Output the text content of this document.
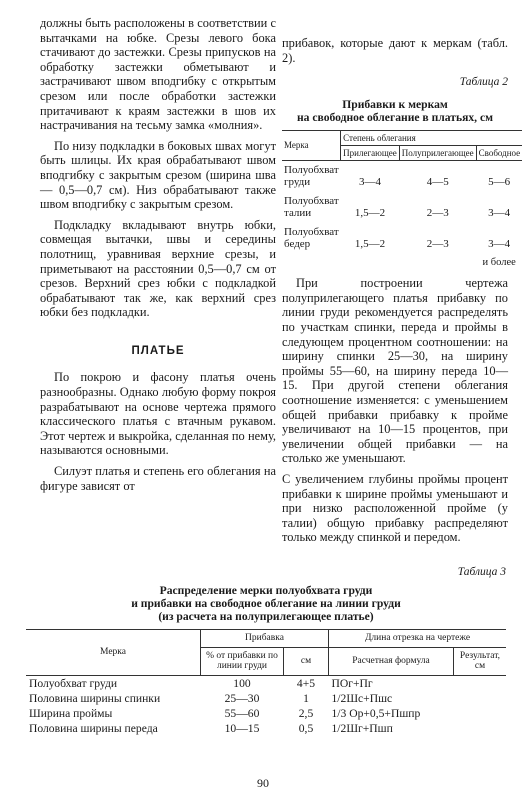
должны быть расположены в соответствии с вытачками на юбке. Срезы левого бока стачивают до застежки. Срезы припусков на обработку застежки обметывают и застрачивают швом вподгибку с открытым срезом или после обработки застежки притачивают к краям застежки в шов их настрачивания на тесьму замка «молния».

По низу подкладки в боковых швах могут быть шлицы. Их края обрабатывают швом вподгибку с закрытым срезом (ширина шва — 0,5—0,7 см). Низ обрабатывают также швом вподгибку с закрытым срезом.

Подкладку вкладывают внутрь юбки, совмещая вытачки, швы и середины полотнищ, уравнивая верхние срезы, и приметывают на расстоянии 0,5—0,7 см от срезов. Верхний срез юбки с подкладкой обрабатывают так же, как верхний срез юбки без подкладки.

ПЛАТЬЕ

По покрою и фасону платья очень разнообразны. Однако любую форму покроя разрабатывают на основе чертежа прямого классического платья с втачным рукавом. Этот чертеж и выкройка, сделанная по нему, называются основными.

Силуэт платья и степень его облегания на фигуре зависят от

прибавок, которые дают к меркам (табл. 2).

Таблица 2
Прибавки к меркам
на свободное облегание в платьях, см
Мерка	Степень облегания		
	Прилегающее	Полуприлегающее	Свободное
Полуобхват груди	3—4	4—5	5—6
Полуобхват талии	1,5—2	2—3	3—4
Полуобхват бедер	1,5—2	2—3	3—4
			и более

При построении чертежа полуприлегающего платья прибавку по линии груди рекомендуется распределять по участкам спинки, переда и проймы в следующем процентном соотношении: на ширину спинки 25—30, на ширину проймы 55—60, на ширину переда 10—15. При другой степени облегания соотношение изменяется: с уменьшением общей прибавки прибавку к пройме увеличивают на 10—15 процентов, при увеличении общей прибавки — на столько же уменьшают.

С увеличением глубины проймы процент прибавки к ширине проймы уменьшают и при низко расположенной пройме (у талии) общую прибавку распределяют только между спинкой и передом.

Таблица 3
Распределение мерки полуобхвата груди
и прибавки на свободное облегание на линии груди
(из расчета на полуприлегающее платье)
Мерка	Прибавка		Длина отрезка на чертеже	
	% от прибавки по линии груди	см	Расчетная формула	Результат, см
Полуобхват груди	100	4+5	ПОг+Пг	
Половина ширины спинки	25—30	1	1/2Шс+Пшс	
Ширина проймы	55—60	2,5	1/3 Ор+0,5+Пшпр	
Половина ширины переда	10—15	0,5	1/2Шг+Пшп	
90
